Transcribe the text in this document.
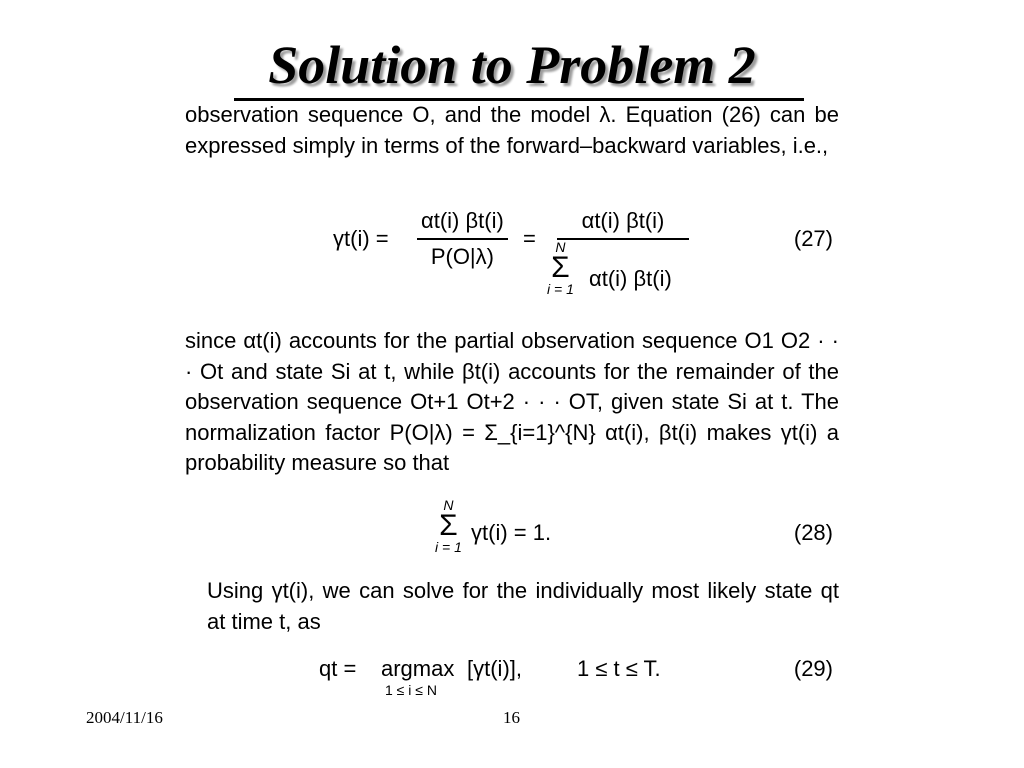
Solution to Problem 2
observation sequence O, and the model λ. Equation (26) can be expressed simply in terms of the forward–backward variables, i.e.,
γt(i) =
αt(i) βt(i)
P(O|λ)
=
αt(i) βt(i)
N
Σ
i = 1 αt(i) βt(i)
(27)
since αt(i) accounts for the partial observation sequence O1 O2 · · · Ot and state Si at t, while βt(i) accounts for the remainder of the observation sequence Ot+1 Ot+2 · · · OT, given state Si at t. The normalization factor P(O|λ) = Σ_{i=1}^{N} αt(i), βt(i) makes γt(i) a probability measure so that
N
Σ
i = 1
γt(i) = 1.	(28)
Using γt(i), we can solve for the individually most likely state qt at time t, as
qt = argmax
1 ≤ i ≤ N
[γt(i)],	1 ≤ t ≤ T.	(29)
2004/11/16	16
